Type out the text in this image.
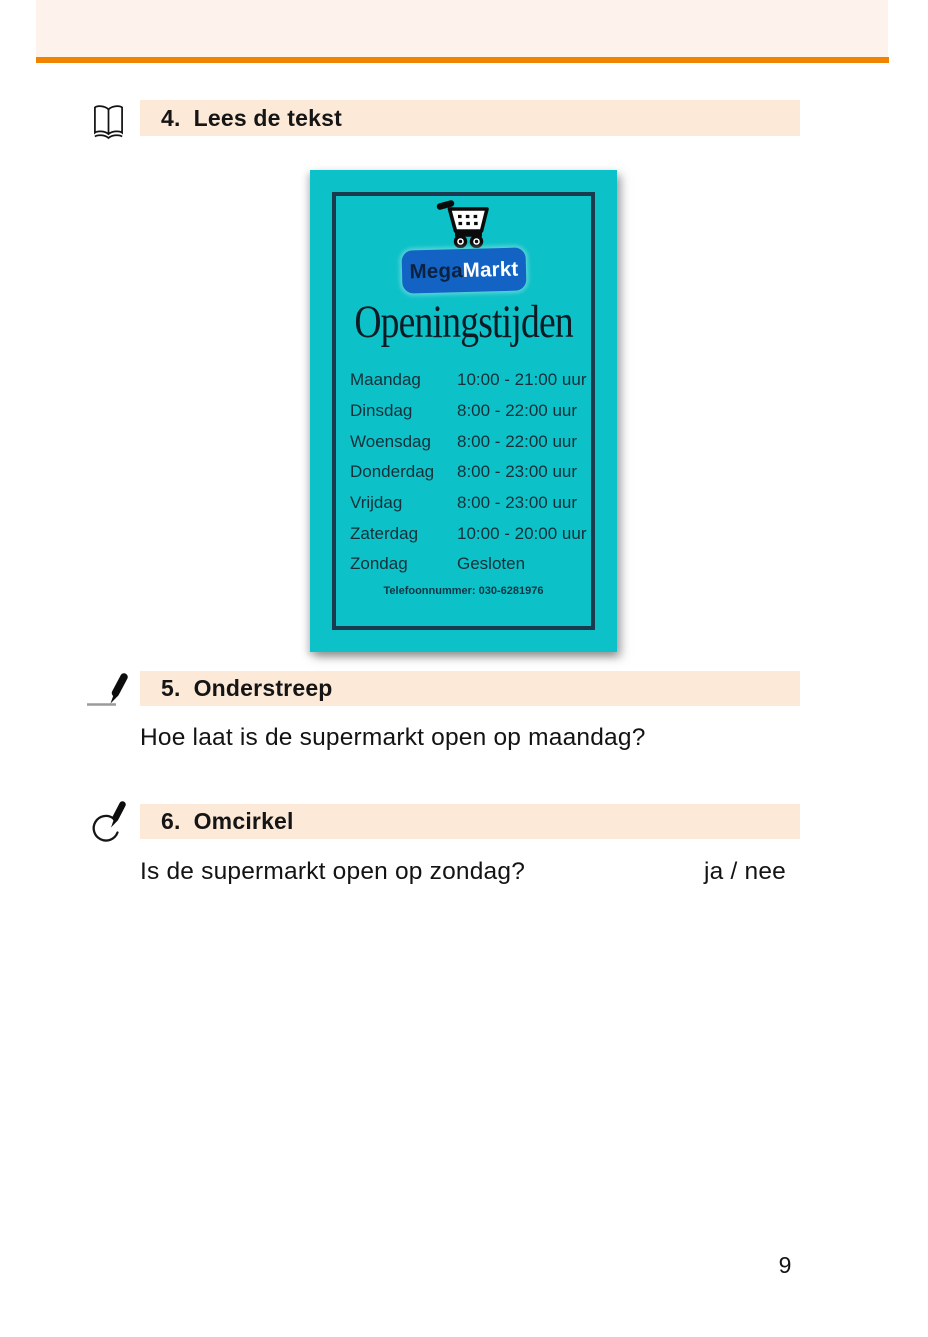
4. Lees de tekst
Mega Markt
Openingstijden
Maandag	10:00 - 21:00 uur
Dinsdag	8:00 - 22:00 uur
Woensdag	8:00 - 22:00 uur
Donderdag	8:00 - 23:00 uur
Vrijdag	8:00 - 23:00 uur
Zaterdag	10:00 - 20:00 uur
Zondag	Gesloten
Telefoonnummer: 030-6281976
5. Onderstreep
Hoe laat is de supermarkt open op maandag?
6. Omcirkel
Is de supermarkt open op zondag?	ja / nee
9
